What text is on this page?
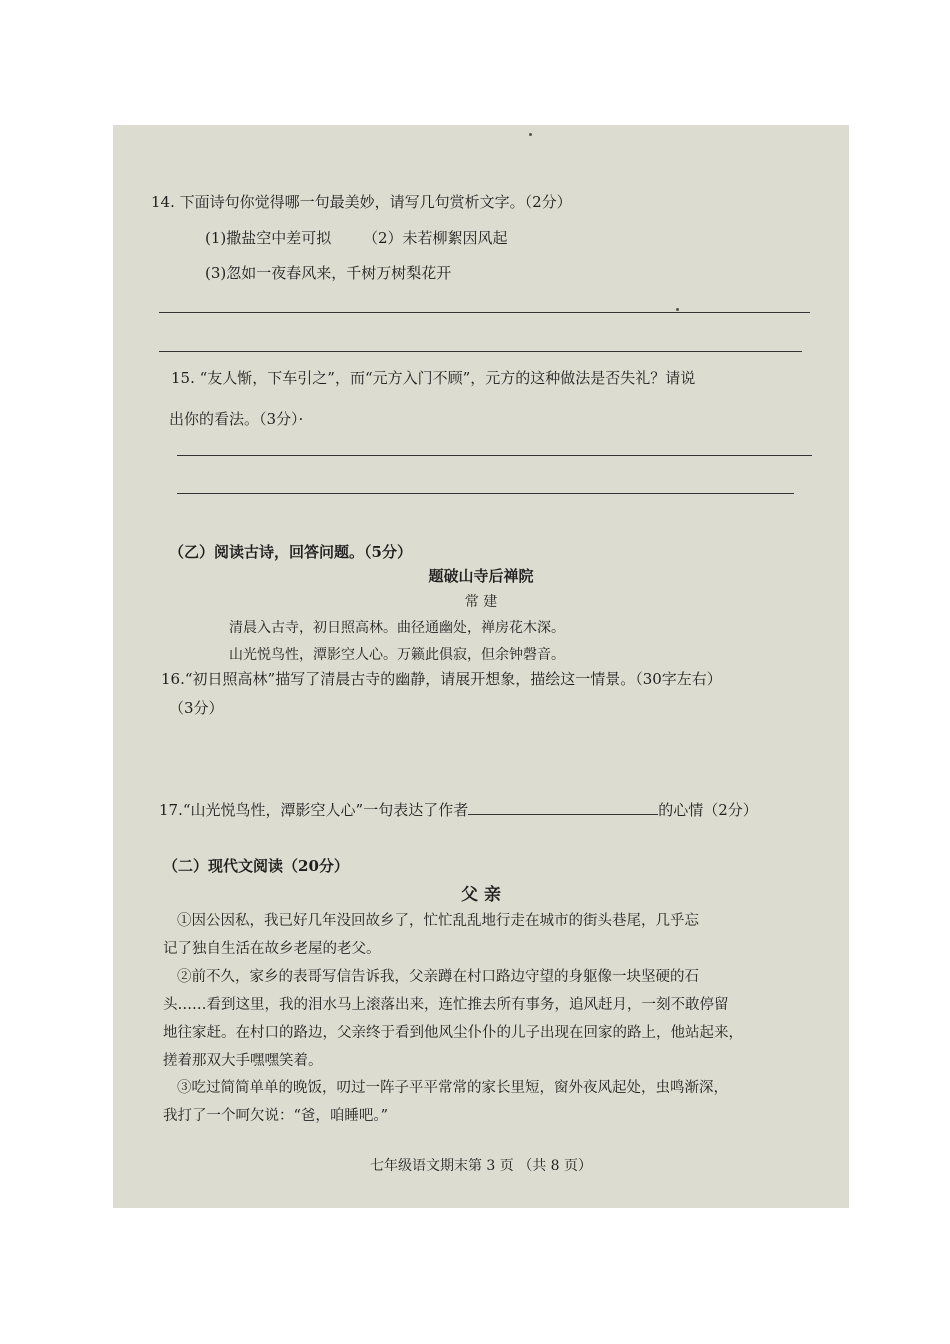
14. 下面诗句你觉得哪一句最美妙，请写几句赏析文字。（2分）
(1)撒盐空中差可拟 （2）未若柳絮因风起
(3)忽如一夜春风来，千树万树梨花开
15. “友人惭，下车引之”，而“元方入门不顾”，元方的这种做法是否失礼？请说
出你的看法。（3分）·
（乙）阅读古诗，回答问题。（5分）
题破山寺后禅院
常 建
清晨入古寺，初日照高林。曲径通幽处，禅房花木深。
山光悦鸟性，潭影空人心。万籁此俱寂，但余钟磬音。
16.“初日照高林”描写了清晨古寺的幽静，请展开想象，描绘这一情景。（30字左右）
（3分）
17.“山光悦鸟性，潭影空人心”一句表达了作者	的心情（2分）
（二）现代文阅读（20分）
父 亲
①因公因私，我已好几年没回故乡了，忙忙乱乱地行走在城市的街头巷尾，几乎忘
记了独自生活在故乡老屋的老父。
②前不久，家乡的表哥写信告诉我，父亲蹲在村口路边守望的身躯像一块坚硬的石
头……看到这里，我的泪水马上滚落出来，连忙推去所有事务，追风赶月，一刻不敢停留
地往家赶。在村口的路边，父亲终于看到他风尘仆仆的儿子出现在回家的路上，他站起来，
搓着那双大手嘿嘿笑着。
③吃过简简单单的晚饭，叨过一阵子平平常常的家长里短，窗外夜风起处，虫鸣渐深，
我打了一个呵欠说：“爸，咱睡吧。”
七年级语文期末第 3 页 （共 8 页）
